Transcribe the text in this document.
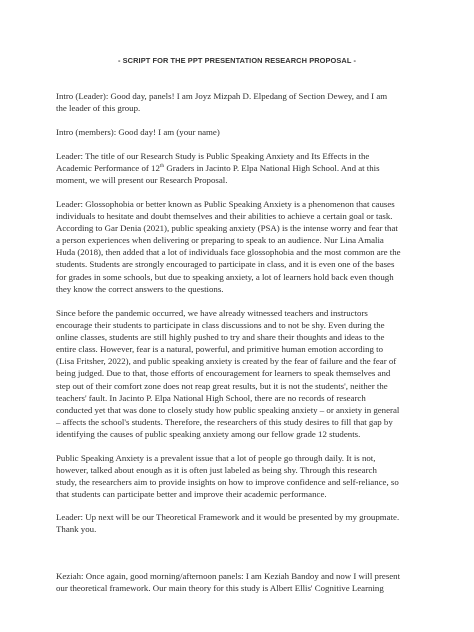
- SCRIPT FOR THE PPT PRESENTATION RESEARCH PROPOSAL -

Intro (Leader): Good day, panels! I am Joyz Mizpah D. Elpedang of Section Dewey, and I am
the leader of this group.

Intro (members): Good day! I am (your name)

Leader: The title of our Research Study is Public Speaking Anxiety and Its Effects in the
Academic Performance of 12th Graders in Jacinto P. Elpa National High School. And at this
moment, we will present our Research Proposal.

Leader: Glossophobia or better known as Public Speaking Anxiety is a phenomenon that causes
individuals to hesitate and doubt themselves and their abilities to achieve a certain goal or task.
According to Gar Denia (2021), public speaking anxiety (PSA) is the intense worry and fear that
a person experiences when delivering or preparing to speak to an audience. Nur Lina Amalia
Huda (2018), then added that a lot of individuals face glossophobia and the most common are the
students. Students are strongly encouraged to participate in class, and it is even one of the bases
for grades in some schools, but due to speaking anxiety, a lot of learners hold back even though
they know the correct answers to the questions.

Since before the pandemic occurred, we have already witnessed teachers and instructors
encourage their students to participate in class discussions and to not be shy. Even during the
online classes, students are still highly pushed to try and share their thoughts and ideas to the
entire class. However, fear is a natural, powerful, and primitive human emotion according to
(Lisa Fritsher, 2022), and public speaking anxiety is created by the fear of failure and the fear of
being judged. Due to that, those efforts of encouragement for learners to speak themselves and
step out of their comfort zone does not reap great results, but it is not the students', neither the
teachers' fault. In Jacinto P. Elpa National High School, there are no records of research
conducted yet that was done to closely study how public speaking anxiety – or anxiety in general
– affects the school's students. Therefore, the researchers of this study desires to fill that gap by
identifying the causes of public speaking anxiety among our fellow grade 12 students.

Public Speaking Anxiety is a prevalent issue that a lot of people go through daily. It is not,
however, talked about enough as it is often just labeled as being shy. Through this research
study, the researchers aim to provide insights on how to improve confidence and self-reliance, so
that students can participate better and improve their academic performance.

Leader: Up next will be our Theoretical Framework and it would be presented by my groupmate.
Thank you.

Keziah: Once again, good morning/afternoon panels: I am Keziah Bandoy and now I will present
our theoretical framework. Our main theory for this study is Albert Ellis' Cognitive Learning
